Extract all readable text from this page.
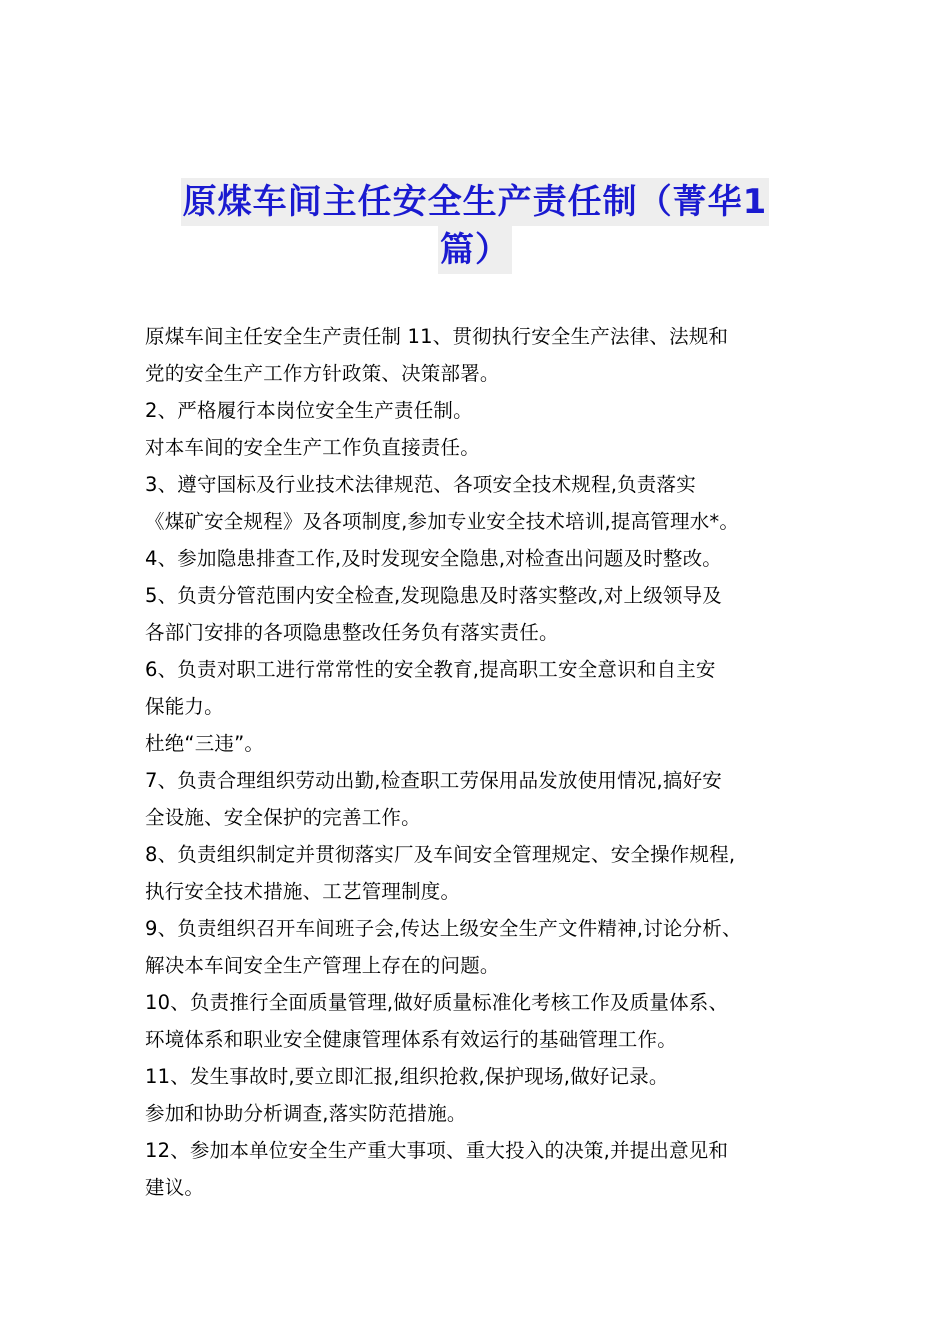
原煤车间主任安全生产责任制（菁华1
篇）

原煤车间主任安全生产责任制 11、贯彻执行安全生产法律、法规和

党的安全生产工作方针政策、决策部署。

2、严格履行本岗位安全生产责任制。

对本车间的安全生产工作负直接责任。

3、遵守国标及行业技术法律规范、各项安全技术规程,负责落实

《煤矿安全规程》及各项制度,参加专业安全技术培训,提高管理水*。

4、参加隐患排查工作,及时发现安全隐患,对检查出问题及时整改。

5、负责分管范围内安全检查,发现隐患及时落实整改,对上级领导及

各部门安排的各项隐患整改任务负有落实责任。

6、负责对职工进行常常性的安全教育,提高职工安全意识和自主安

保能力。

杜绝“三违”。

7、负责合理组织劳动出勤,检查职工劳保用品发放使用情况,搞好安

全设施、安全保护的完善工作。

8、负责组织制定并贯彻落实厂及车间安全管理规定、安全操作规程,

执行安全技术措施、工艺管理制度。

9、负责组织召开车间班子会,传达上级安全生产文件精神,讨论分析、

解决本车间安全生产管理上存在的问题。

10、负责推行全面质量管理,做好质量标准化考核工作及质量体系、

环境体系和职业安全健康管理体系有效运行的基础管理工作。

11、发生事故时,要立即汇报,组织抢救,保护现场,做好记录。

参加和协助分析调查,落实防范措施。

12、参加本单位安全生产重大事项、重大投入的决策,并提出意见和

建议。
